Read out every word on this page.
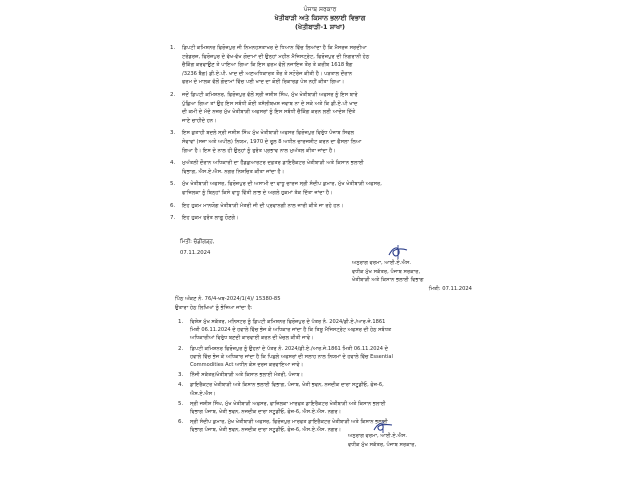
ਪੰਜਾਬ ਸਰਕਾਰ
ਖੇਤੀਬਾੜੀ ਅਤੇ ਕਿਸਾਨ ਭਲਾਈ ਵਿਭਾਗ
(ਖੇਤੀਬਾੜੀ-1 ਸ਼ਾਖਾ)
1. ਡਿਪਟੀ ਕਮਿਸ਼ਨਰ ਫਿਰੋਜ਼ਪੁਰ ਜੀ ਨਿਮਨਹਸਤਾਖਰ ਦੇ ਧਿਆਨ ਵਿੱਚ ਲਿਆਂਦਾ ਹੈ ਕਿ ਮੈਸਰਜ਼ ਸਰਦੀਆ
ਟਰੇਡਰਜ਼, ਫਿਰੋਜ਼ਪੁਰ ਦੇ ਵੱਖ-ਵੱਖ ਗੋਦਾਮਾਂ ਦੀ ਉਨ੍ਹਾਂ ਮਹੀਨ ਮੈਜਿਸਟ੍ਰੇਟ, ਫਿਰੋਜ਼ਪੁਰ ਦੀ ਨਿਗਰਾਨੀ ਹੇਠ
ਚੈਕਿੰਗ ਕਰਵਾਉਣ ਤੇ ਪਾਇਆ ਗਿਆ ਕਿ ਇਸ ਫਰਮ ਵੱਲੋਂ ਨਜਾਇਜ਼ ਤੌਰ ਤੇ ਕਰੀਬ 1618 ਬੈਗ
/3236 ਬੈਗ) ਡੀ.ਏ.ਪੀ. ਖਾਦ ਦੀ ਅਣਅਧਿਕਾਰਤ ਤੌਰ ਤੇ ਸਟੋਰੇਜ ਕੀਤੀ ਹੈ। ਪੜਤਾਲ ਦੌਰਾਨ
ਫਰਮ ਦੇ ਮਾਲਕ ਵੱਲੋਂ ਗੋਦਾਮਾਂ ਵਿੱਚ ਪਈ ਖਾਦ ਦਾ ਕੋਈ ਰਿਕਾਰਡ ਪੇਸ਼ ਨਹੀਂ ਕੀਤਾ ਗਿਆ।
2. ਜਦੋਂ ਡਿਪਟੀ ਕਮਿਸ਼ਨਰ, ਫਿਰੋਜ਼ਪੁਰ ਵੱਲੋਂ ਸ੍ਰੀ ਜਸ਼ੀਸ਼ ਸਿੰਘ, ਮੁੱਖ ਖੇਤੀਬਾੜੀ ਅਫਸਰ ਨੂੰ ਇਸ ਬਾਰੇ
ਪੁੱਛਿਆ ਗਿਆ ਤਾਂ ਉਹ ਇਸ ਸਬੰਧੀ ਕੋਈ ਤਸੱਲੀਬਖਸ਼ ਜਵਾਬ ਨਾ ਦੇ ਸਕੇ ਅਤੇ ਕਿ ਡੀ.ਏ.ਪੀ ਖਾਦ
ਦੀ ਕਮੀ ਦੇ ਮੱਦੇ ਨਜ਼ਰ ਮੁੱਖ ਖੇਤੀਬਾੜੀ ਅਫਸਰਾਂ ਨੂੰ ਇਸ ਸਬੰਧੀ ਚੈਕਿੰਗ ਕਰਨ ਲਈ ਆਦੇਸ਼ ਦਿੱਤੇ
ਜਾਣੇ ਚਾਹੀਦੇ ਹਨ।
3. ਇਸ ਕੁਤਾਹੀ ਬਦਲੇ ਸ੍ਰੀ ਜਸ਼ੀਸ਼ ਸਿੰਘ ਮੁੱਖ ਖੇਤੀਬਾੜੀ ਅਫਸਰ ਫਿਰੋਜ਼ਪੁਰ ਵਿਰੁੱਧ ਪੰਜਾਬ ਸਿਵਲ
ਸੇਵਾਵਾਂ (ਸਜ਼ਾ ਅਤੇ ਅਪੀਲ) ਨਿਯਮ, 1970 ਦੇ ਰੂਲ 8 ਅਧੀਨ ਚਾਰਜਸ਼ੀਟ ਕਰਨ ਦਾ ਫੈਸਲਾ ਲਿਆ
ਗਿਆ ਹੈ। ਇਸ ਦੇ ਨਾਲ ਹੀ ਉਨ੍ਹਾਂ ਨੂੰ ਤੁਰੰਤ ਪ੍ਰਭਾਵ ਨਾਲ ਮੁਅੱਤਲ ਕੀਤਾ ਜਾਂਦਾ ਹੈ।
4. ਮੁਅੱਤਲੀ ਦੌਰਾਨ ਅਧਿਕਾਰੀ ਦਾ ਹੈੱਡਕੁਆਰਟਰ ਦਫ਼ਤਰ ਡਾਇਰੈਕਟਰ ਖੇਤੀਬਾੜੀ ਅਤੇ ਕਿਸਾਨ ਭਲਾਈ
ਵਿਭਾਗ, ਐਸ.ਏ.ਐਸ. ਨਗਰ ਨਿਸ਼ਚਿਤ ਕੀਤਾ ਜਾਂਦਾ ਹੈ।
5. ਮੁੱਖ ਖੇਤੀਬਾੜੀ ਅਫਸਰ, ਫਿਰੋਜ਼ਪੁਰ ਦੀ ਅਸਾਮੀ ਦਾ ਵਾਧੂ ਚਾਰਜ ਸ੍ਰੀ ਸੰਦੀਪ ਕੁਮਾਰ, ਮੁੱਖ ਖੇਤੀਬਾੜੀ ਅਫਸਰ,
ਫਾਜ਼ਿਲਕਾ ਨੂੰ ਬਿਨ੍ਹਾਂ ਕਿਸੇ ਵਾਧੂ ਵਿੱਤੀ ਲਾਭ ਦੇ ਅਗਲੇ ਹੁਕਮਾਂ ਤੱਕ ਦਿੱਤਾ ਜਾਂਦਾ ਹੈ।
6. ਇਹ ਹੁਕਮ ਮਾਨਯੋਗ ਖੇਤੀਬਾੜੀ ਮੰਤਰੀ ਜੀ ਦੀ ਪ੍ਰਵਾਨਗੀ ਨਾਲ ਜਾਰੀ ਕੀਤੇ ਜਾ ਰਹੇ ਹਨ।
7. ਇਹ ਹੁਕਮ ਤੁਰੰਤ ਲਾਗੂ ਹੋਣਗੇ।
ਮਿਤੀ: ਚੰਡੀਗੜ੍ਹ,
07.11.2024
ਅਨੁਰਾਗ ਵਰਮਾ, ਆਈ.ਏ.ਐਸ.
ਵਧੀਕ ਮੁੱਖ ਸਕੱਤਰ, ਪੰਜਾਬ ਸਰਕਾਰ,
ਖੇਤੀਬਾੜੀ ਅਤੇ ਕਿਸਾਨ ਭਲਾਈ ਵਿਭਾਗ
ਮਿਤੀ: 07.11.2024
ਪਿੱਠ ਅੰਕਣ ਨੰ. 76/4-ਖਬ-2024/1(4)/ 15380-85
ਉਤਾਰਾ ਹੇਠ ਲਿਖਿਆਂ ਨੂੰ ਭੇਜਿਆ ਜਾਂਦਾ ਹੈ:
1. ਵਿਸ਼ੇਸ਼ ਮੁੱਖ ਸਕੱਤਰ, ਮਨਿਸਟਰ ਨੂੰ ਡਿਪਟੀ ਕਮਿਸ਼ਨਰ ਫਿਰੋਜ਼ਪੁਰ ਦੇ ਪੱਤਰ ਨੰ. 2024/ਡੀ.ਏ./ਆਰ.ਜੇ.1861
ਮਿਤੀ 06.11.2024 ਦੇ ਹਵਾਲੇ ਵਿੱਚ ਭੇਜ ਕੇ ਅਧਿਕਾਰ ਜਾਂਦਾ ਹੈ ਕਿ ਤਿਸ਼ੂ ਮੈਜਿਸਟ੍ਰੇਟ ਅਫਸਰ ਦੀ ਹੇਠ ਸਬੰਧਤ
ਅਧਿਕਾਰੀਆਂ ਵਿਰੁੱਧ ਬਣਦੀ ਕਾਰਵਾਈ ਕਰਨ ਦੀ ਖੇਚਲ ਕੀਤੀ ਜਾਵੇ।
2. ਡਿਪਟੀ ਕਮਿਸ਼ਨਰ ਫਿਰੋਜ਼ਪੁਰ ਨੂੰ ਉਹਨਾਂ ਦੇ ਪੱਤਰ ਨੰ. 2024/ਡੀ.ਏ./ਆਰ.ਜੇ.1861 ਮਿਤੀ 06.11.2024 ਦੇ
ਹਵਾਲੇ ਵਿੱਚ ਭੇਜ ਕੇ ਅਧਿਕਾਰ ਜਾਂਦਾ ਹੈ ਕਿ ਪਿਛਲੇ ਅਫਸਰਾਂ ਦੀ ਸਲਾਹ ਨਾਲ ਨਿਯਮਾਂ ਦੇ ਹਵਾਲੇ ਵਿੱਚ Essential
Commodities Act ਅਧੀਨ ਕੇਸ ਦਰਜ ਕਰਵਾਇਆ ਜਾਵੇ।
3. ਨਿੱਜੀ ਸਕੱਤਰ/ਖੇਤੀਬਾੜੀ ਅਤੇ ਕਿਸਾਨ ਭਲਾਈ ਮੰਤਰੀ, ਪੰਜਾਬ।
4. ਡਾਇਰੈਕਟਰ ਖੇਤੀਬਾੜੀ ਅਤੇ ਕਿਸਾਨ ਭਲਾਈ ਵਿਭਾਗ, ਪੰਜਾਬ, ਖੇਤੀ ਭਵਨ, ਨਜਦੀਕ ਦਾਰਾ ਸਟੂਡੀਓ, ਫੇਜ਼-6,
ਐਸ.ਏ.ਐਸ।
5. ਸ੍ਰੀ ਜਸ਼ੀਸ਼ ਸਿੰਘ, ਮੁੱਖ ਖੇਤੀਬਾੜੀ ਅਫਸਰ, ਫਾਜ਼ਿਲਕਾ ਮਾਰਫਤ ਡਾਇਰੈਕਟਰ ਖੇਤੀਬਾੜੀ ਅਤੇ ਕਿਸਾਨ ਭਲਾਈ
ਵਿਭਾਗ ਪੰਜਾਬ, ਖੇਤੀ ਭਵਨ, ਨਜਦੀਕ ਦਾਰਾ ਸਟੂਡੀਓ, ਫੇਜ਼-6, ਐਸ.ਏ.ਐਸ. ਨਗਰ।
6. ਸ੍ਰੀ ਸੰਦੀਪ ਕੁਮਾਰ, ਮੁੱਖ ਖੇਤੀਬਾੜੀ ਅਫਸਰ, ਫਿਰੋਜ਼ਪੁਰ ਮਾਰਫਤ ਡਾਇਰੈਕਟਰ ਖੇਤੀਬਾੜੀ ਅਤੇ ਕਿਸਾਨ ਭਲਾਈ
ਵਿਭਾਗ ਪੰਜਾਬ, ਖੇਤੀ ਭਵਨ, ਨਜਦੀਕ ਦਾਰਾ ਸਟੂਡੀਓ, ਫੇਜ਼-6, ਐਸ.ਏ.ਐਸ. ਨਗਰ।
ਅਨੁਰਾਗ ਵਰਮਾ, ਆਈ.ਏ.ਐਸ.
ਵਧੀਕ ਮੁੱਖ ਸਕੱਤਰ, ਪੰਜਾਬ ਸਰਕਾਰ,
